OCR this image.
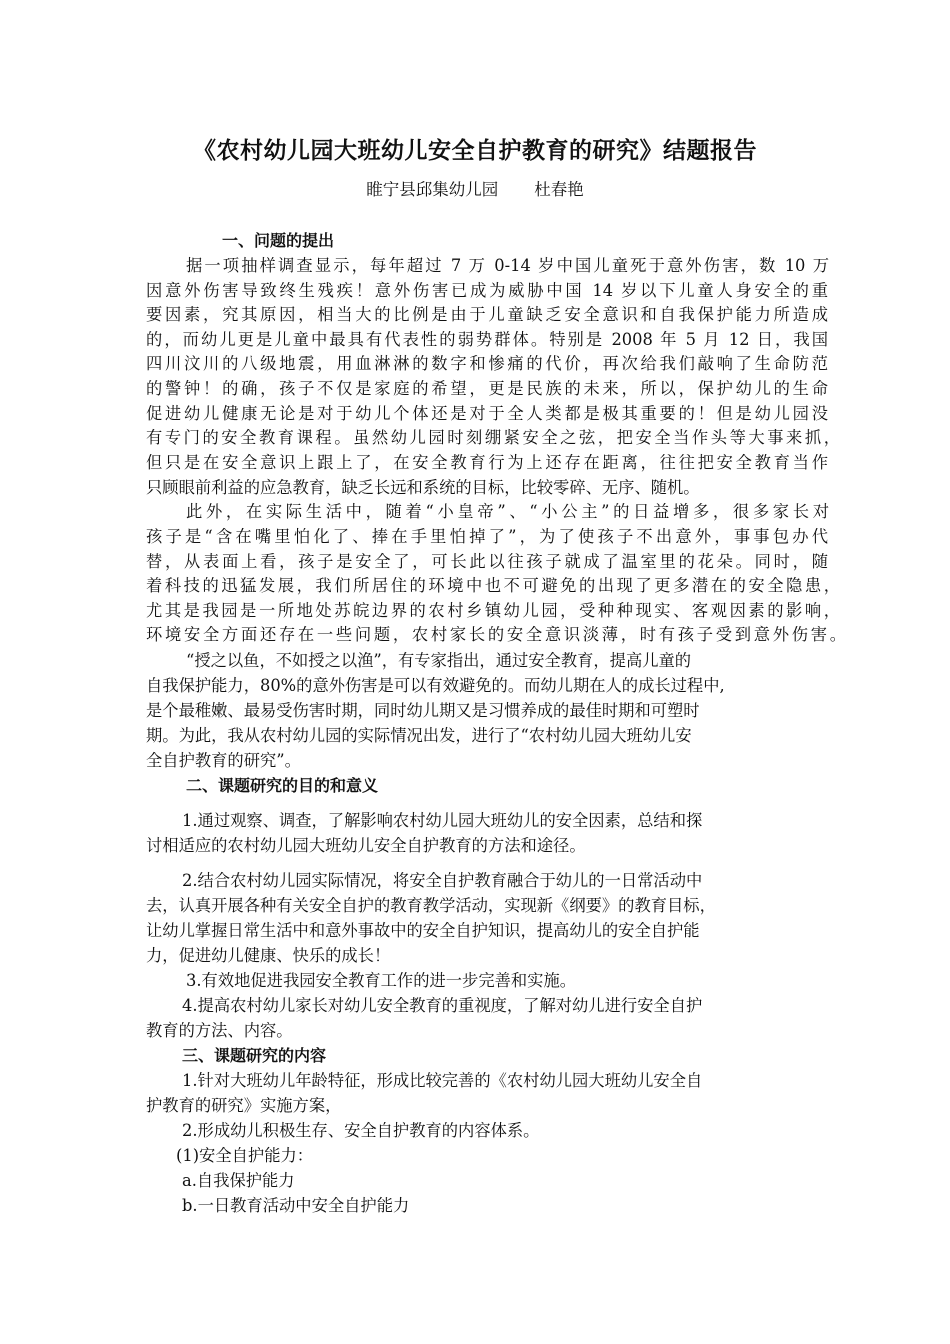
《农村幼儿园大班幼儿安全自护教育的研究》结题报告
睢宁县邱集幼儿园 杜春艳
一、问题的提出
据一项抽样调查显示，每年超过 7 万 0-14 岁中国儿童死于意外伤害，数 10 万
因意外伤害导致终生残疾！意外伤害已成为威胁中国 14 岁以下儿童人身安全的重
要因素，究其原因，相当大的比例是由于儿童缺乏安全意识和自我保护能力所造成
的，而幼儿更是儿童中最具有代表性的弱势群体。特别是 2008 年 5 月 12 日，我国
四川汶川的八级地震，用血淋淋的数字和惨痛的代价，再次给我们敲响了生命防范
的警钟！的确，孩子不仅是家庭的希望，更是民族的未来，所以，保护幼儿的生命
促进幼儿健康无论是对于幼儿个体还是对于全人类都是极其重要的！但是幼儿园没
有专门的安全教育课程。虽然幼儿园时刻绷紧安全之弦，把安全当作头等大事来抓，
但只是在安全意识上跟上了，在安全教育行为上还存在距离，往往把安全教育当作
只顾眼前利益的应急教育，缺乏长远和系统的目标，比较零碎、无序、随机。
此外，在实际生活中，随着“小皇帝”、“小公主”的日益增多，很多家长对
孩子是“含在嘴里怕化了、捧在手里怕掉了”，为了使孩子不出意外，事事包办代
替，从表面上看，孩子是安全了，可长此以往孩子就成了温室里的花朵。同时，随
着科技的迅猛发展，我们所居住的环境中也不可避免的出现了更多潜在的安全隐患，
尤其是我园是一所地处苏皖边界的农村乡镇幼儿园，受种种现实、客观因素的影响，
环境安全方面还存在一些问题，农村家长的安全意识淡薄，时有孩子受到意外伤害。
“授之以鱼，不如授之以渔”，有专家指出，通过安全教育，提高儿童的
自我保护能力，80%的意外伤害是可以有效避免的。而幼儿期在人的成长过程中,
是个最稚嫩、最易受伤害时期，同时幼儿期又是习惯养成的最佳时期和可塑时
期。为此，我从农村幼儿园的实际情况出发，进行了“农村幼儿园大班幼儿安
全自护教育的研究”。
二、课题研究的目的和意义
1.通过观察、调查，了解影响农村幼儿园大班幼儿的安全因素，总结和探
讨相适应的农村幼儿园大班幼儿安全自护教育的方法和途径。
2.结合农村幼儿园实际情况，将安全自护教育融合于幼儿的一日常活动中
去，认真开展各种有关安全自护的教育教学活动，实现新《纲要》的教育目标，
让幼儿掌握日常生活中和意外事故中的安全自护知识，提高幼儿的安全自护能
力，促进幼儿健康、快乐的成长！
3.有效地促进我园安全教育工作的进一步完善和实施。
4.提高农村幼儿家长对幼儿安全教育的重视度，了解对幼儿进行安全自护
教育的方法、内容。
三、课题研究的内容
1.针对大班幼儿年龄特征，形成比较完善的《农村幼儿园大班幼儿安全自
护教育的研究》实施方案，
2.形成幼儿积极生存、安全自护教育的内容体系。
(1)安全自护能力：
a.自我保护能力
b.一日教育活动中安全自护能力
